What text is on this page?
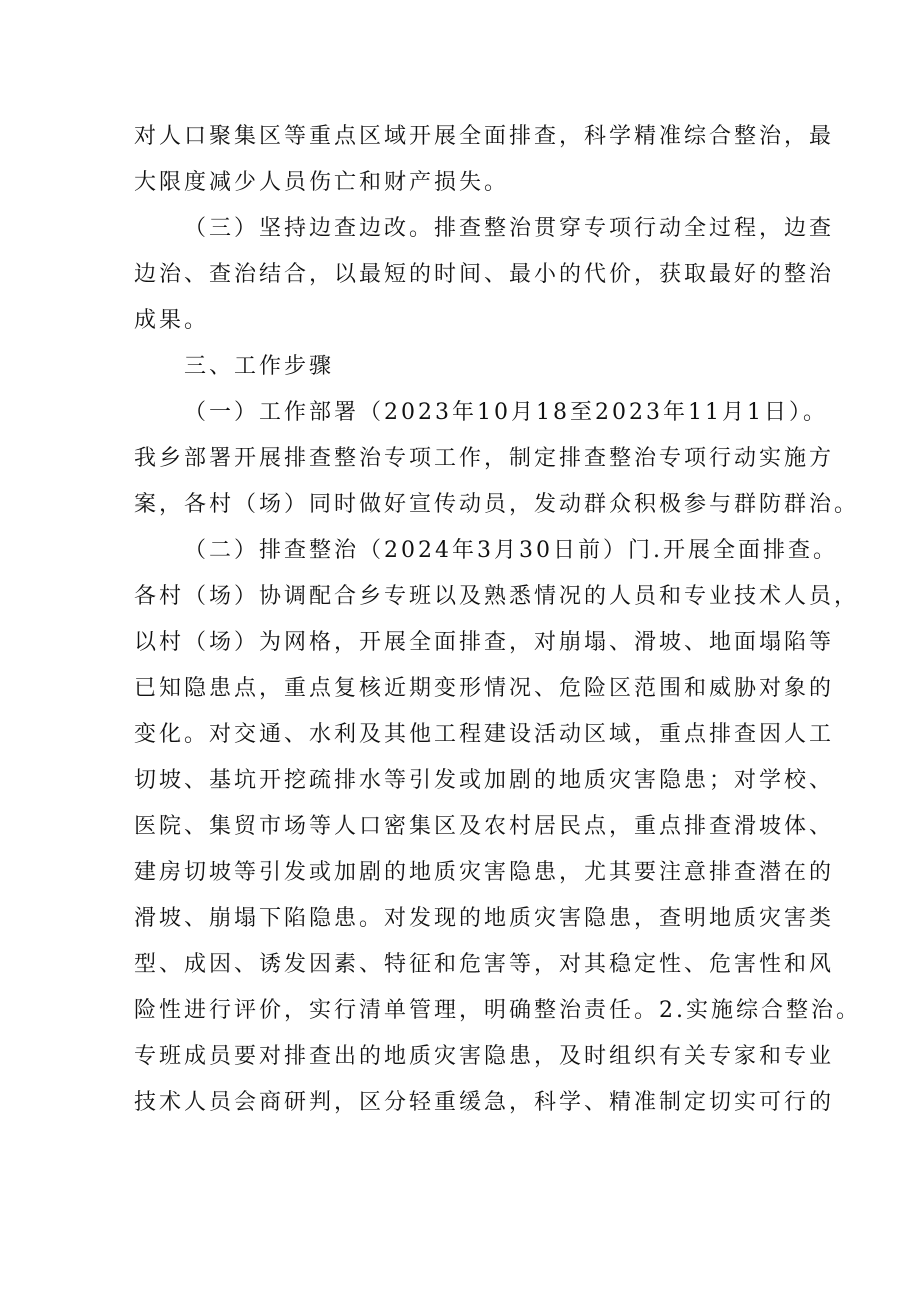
对人口聚集区等重点区域开展全面排查，科学精准综合整治，最
大限度减少人员伤亡和财产损失。
（三）坚持边查边改。排查整治贯穿专项行动全过程，边查
边治、查治结合，以最短的时间、最小的代价，获取最好的整治
成果。
三、工作步骤
（一）工作部署（2023年10月18至2023年11月1日）。
我乡部署开展排查整治专项工作，制定排查整治专项行动实施方
案，各村（场）同时做好宣传动员，发动群众积极参与群防群治。
（二）排查整治（2024年3月30日前）门.开展全面排查。
各村（场）协调配合乡专班以及熟悉情况的人员和专业技术人员，
以村（场）为网格，开展全面排查，对崩塌、滑坡、地面塌陷等
已知隐患点，重点复核近期变形情况、危险区范围和威胁对象的
变化。对交通、水利及其他工程建设活动区域，重点排查因人工
切坡、基坑开挖疏排水等引发或加剧的地质灾害隐患；对学校、
医院、集贸市场等人口密集区及农村居民点，重点排查滑坡体、
建房切坡等引发或加剧的地质灾害隐患，尤其要注意排查潜在的
滑坡、崩塌下陷隐患。对发现的地质灾害隐患，查明地质灾害类
型、成因、诱发因素、特征和危害等，对其稳定性、危害性和风
险性进行评价，实行清单管理，明确整治责任。2.实施综合整治。
专班成员要对排查出的地质灾害隐患，及时组织有关专家和专业
技术人员会商研判，区分轻重缓急，科学、精准制定切实可行的
